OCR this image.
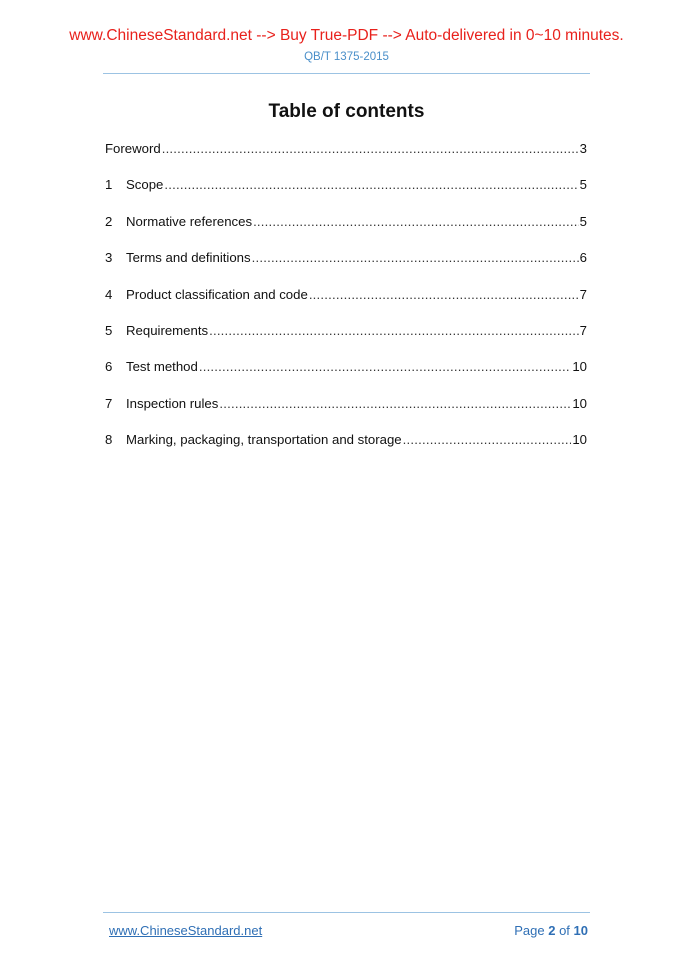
www.ChineseStandard.net --> Buy True-PDF --> Auto-delivered in 0~10 minutes.
QB/T 1375-2015
Table of contents
Foreword .....	3
1	Scope .....	5
2	Normative references .....	5
3	Terms and definitions .....	6
4	Product classification and code .....	7
5	Requirements .....	7
6	Test method .....	10
7	Inspection rules .....	10
8	Marking, packaging, transportation and storage .....	10
www.ChineseStandard.net	Page 2 of 10
